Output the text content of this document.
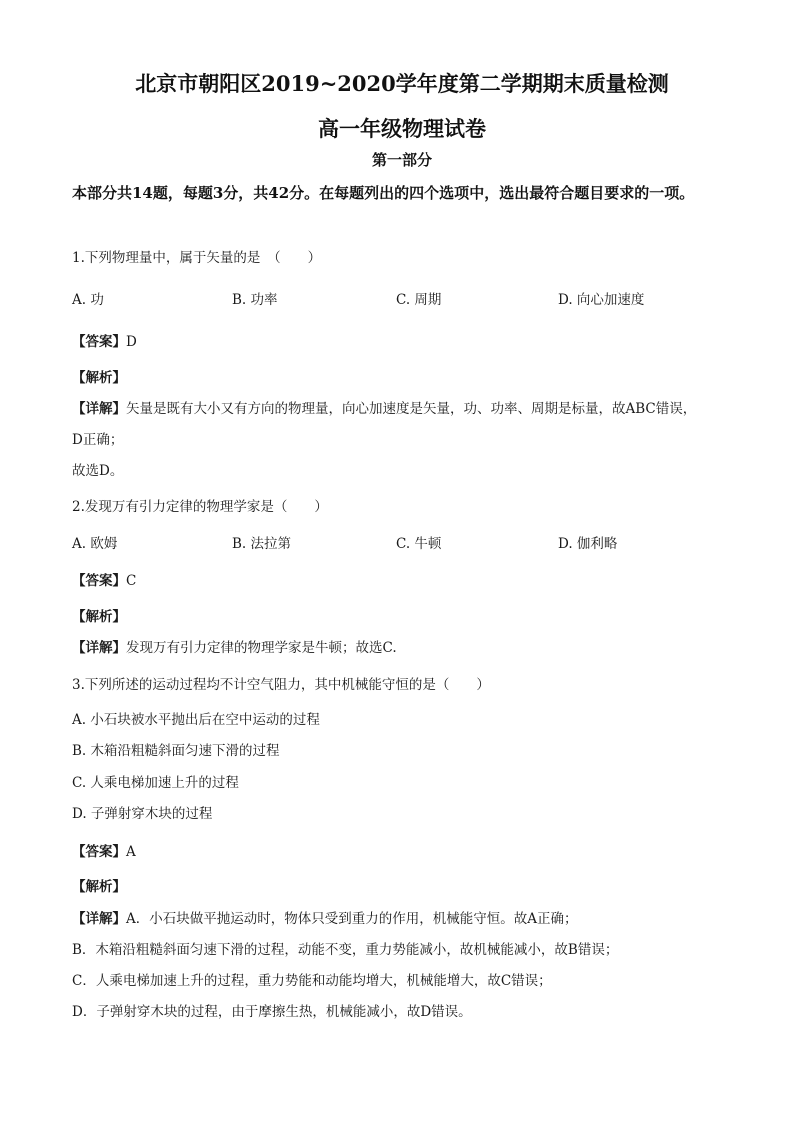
北京市朝阳区2019~2020学年度第二学期期末质量检测
高一年级物理试卷
第一部分
本部分共14题，每题3分，共42分。在每题列出的四个选项中，选出最符合题目要求的一项。
1.下列物理量中，属于矢量的是　（　　）
A. 功	B. 功率	C. 周期	D. 向心加速度
【答案】D
【解析】
【详解】矢量是既有大小又有方向的物理量，向心加速度是矢量，功、功率、周期是标量，故ABC错误，
D正确；
故选D。
2.发现万有引力定律的物理学家是（　　）
A. 欧姆	B. 法拉第	C. 牛顿	D. 伽利略
【答案】C
【解析】
【详解】发现万有引力定律的物理学家是牛顿；故选C.
3.下列所述的运动过程均不计空气阻力，其中机械能守恒的是（　　）
A. 小石块被水平抛出后在空中运动的过程
B. 木箱沿粗糙斜面匀速下滑的过程
C. 人乘电梯加速上升的过程
D. 子弹射穿木块的过程
【答案】A
【解析】
【详解】A．小石块做平抛运动时，物体只受到重力的作用，机械能守恒。故A正确；
B．木箱沿粗糙斜面匀速下滑的过程，动能不变，重力势能减小，故机械能减小，故B错误；
C．人乘电梯加速上升的过程，重力势能和动能均增大，机械能增大，故C错误；
D．子弹射穿木块的过程，由于摩擦生热，机械能减小，故D错误。
